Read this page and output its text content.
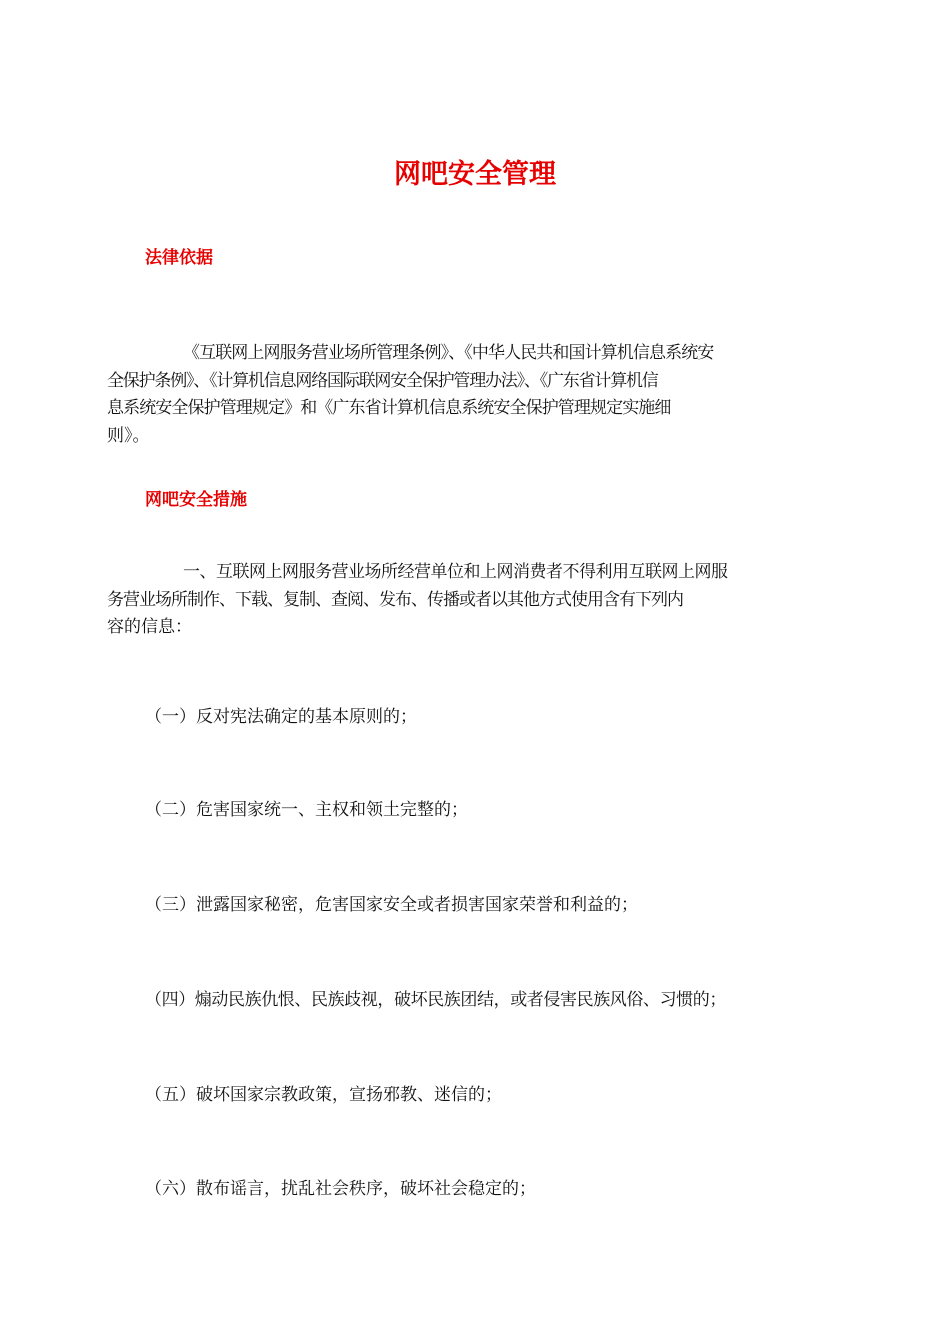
网吧安全管理
法律依据

《互联网上网服务营业场所管理条例》、《中华人民共和国计算机信息系统安
全保护条例》、《计算机信息网络国际联网安全保护管理办法》、《广东省计算机信
息系统安全保护管理规定》和《广东省计算机信息系统安全保护管理规定实施细
则》。

网吧安全措施

一、互联网上网服务营业场所经营单位和上网消费者不得利用互联网上网服
务营业场所制作、下载、复制、查阅、发布、传播或者以其他方式使用含有下列内
容的信息：

（一）反对宪法确定的基本原则的；

（二）危害国家统一、主权和领土完整的；

（三）泄露国家秘密，危害国家安全或者损害国家荣誉和利益的；

（四）煽动民族仇恨、民族歧视，破坏民族团结，或者侵害民族风俗、习惯的；

（五）破坏国家宗教政策，宣扬邪教、迷信的；

（六）散布谣言，扰乱社会秩序，破坏社会稳定的；
